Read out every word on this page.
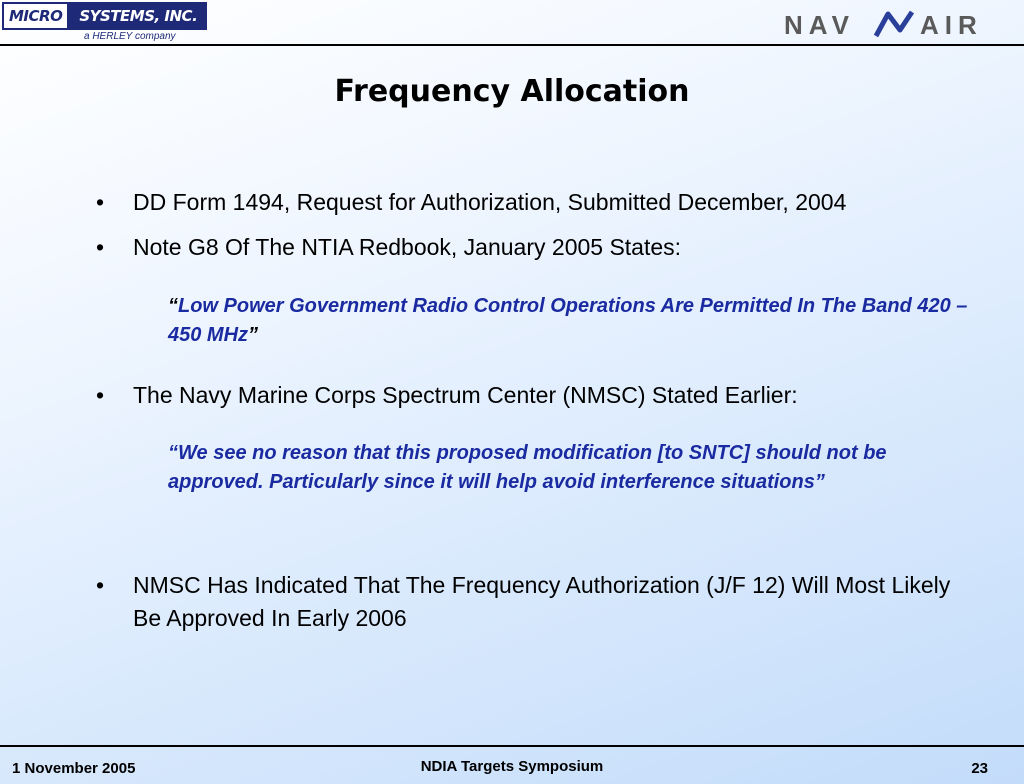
MICRO	SYSTEMS, INC.
a HERLEY company	NAV	AIR
Frequency Allocation
• DD Form 1494, Request for Authorization, Submitted December, 2004
• Note G8 Of The NTIA Redbook, January 2005 States:
“Low Power Government Radio Control Operations Are Permitted In The Band 420 – 450 MHz”
• The Navy Marine Corps Spectrum Center (NMSC) Stated Earlier:
“We see no reason that this proposed modification [to SNTC] should not be approved. Particularly since it will help avoid interference situations”
• NMSC Has Indicated That The Frequency Authorization (J/F 12) Will Most Likely Be Approved In Early 2006
1 November 2005	NDIA Targets Symposium	23
